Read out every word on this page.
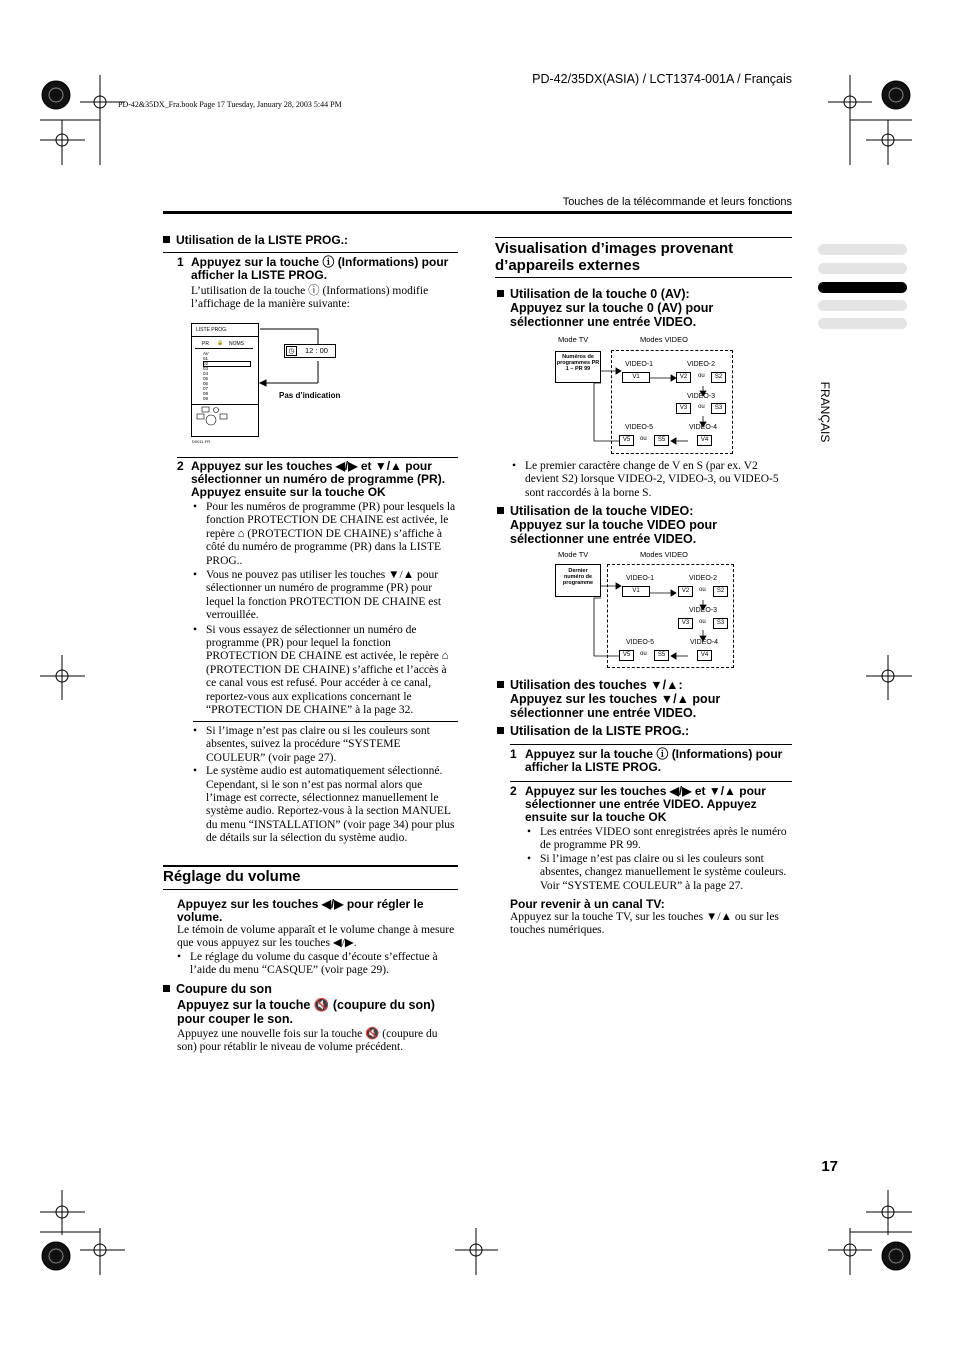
PD-42/35DX(ASIA) / LCT1374-001A / Français
PD-42&35DX_Fra.book Page 17 Tuesday, January 28, 2003 5:44 PM
Touches de la télécommande et leurs fonctions
FRANÇAIS
Utilisation de la LISTE PROG.:
1 Appuyez sur la touche ⓘ (Informations) pour afficher la LISTE PROG.
L’utilisation de la touche ⓘ (Informations) modifie l’affichage de la manière suivante:
LISTE PROG.
PR 🔒 NOMS
AV
01
02
03
04
05
06
07
08
09
D0011-FR
◷	12 : 00
Pas d’indication
2 Appuyez sur les touches ◀/▶ et ▼/▲ pour sélectionner un numéro de programme (PR). Appuyez ensuite sur la touche OK
• Pour les numéros de programme (PR) pour lesquels la fonction PROTECTION DE CHAINE est activée, le repère ⌂ (PROTECTION DE CHAINE) s’affiche à côté du numéro de programme (PR) dans la LISTE PROG..
• Vous ne pouvez pas utiliser les touches ▼/▲ pour sélectionner un numéro de programme (PR) pour lequel la fonction PROTECTION DE CHAINE est verrouillée.
• Si vous essayez de sélectionner un numéro de programme (PR) pour lequel la fonction PROTECTION DE CHAINE est activée, le repère ⌂ (PROTECTION DE CHAINE) s’affiche et l’accès à ce canal vous est refusé. Pour accéder à ce canal, reportez-vous aux explications concernant le “PROTECTION DE CHAINE” à la page 32.
• Si l’image n’est pas claire ou si les couleurs sont absentes, suivez la procédure “SYSTEME COULEUR” (voir page 27).
• Le système audio est automatiquement sélectionné. Cependant, si le son n’est pas normal alors que l’image est correcte, sélectionnez manuellement le système audio. Reportez-vous à la section MANUEL du menu “INSTALLATION” (voir page 34) pour plus de détails sur la sélection du système audio.
Réglage du volume
Appuyez sur les touches ◀/▶ pour régler le volume.
Le témoin de volume apparaît et le volume change à mesure que vous appuyez sur les touches ◀/▶.
• Le réglage du volume du casque d’écoute s’effectue à l’aide du menu “CASQUE” (voir page 29).
Coupure du son
Appuyez sur la touche 🔇 (coupure du son) pour couper le son.
Appuyez une nouvelle fois sur la touche 🔇 (coupure du son) pour rétablir le niveau de volume précédent.
Visualisation d’images provenant d’appareils externes
Utilisation de la touche 0 (AV):
Appuyez sur la touche 0 (AV) pour sélectionner une entrée VIDEO.
Mode TV	Modes VIDEO
Numéros de programmes PR 1 – PR 99
VIDEO-1	VIDEO-2
VIDEO-3
VIDEO-5	VIDEO-4
V1	V2	ou	S2
V3	ou	S3
V5	ou	S5	V4
• Le premier caractère change de V en S (par ex. V2 devient S2) lorsque VIDEO-2, VIDEO-3, ou VIDEO-5 sont raccordés à la borne S.
Utilisation de la touche VIDEO:
Appuyez sur la touche VIDEO pour sélectionner une entrée VIDEO.
Mode TV	Modes VIDEO
Dernier numéro de programme
VIDEO-1	VIDEO-2
VIDEO-3
VIDEO-5	VIDEO-4
V1	V2	ou	S2
V3	ou	S3
V5	ou	S5	V4
Utilisation des touches ▼/▲:
Appuyez sur les touches ▼/▲ pour sélectionner une entrée VIDEO.
Utilisation de la LISTE PROG.:
1 Appuyez sur la touche ⓘ (Informations) pour afficher la LISTE PROG.
2 Appuyez sur les touches ◀/▶ et ▼/▲ pour sélectionner une entrée VIDEO. Appuyez ensuite sur la touche OK
• Les entrées VIDEO sont enregistrées après le numéro de programme PR 99.
• Si l’image n’est pas claire ou si les couleurs sont absentes, changez manuellement le système couleurs. Voir “SYSTEME COULEUR” à la page 27.
Pour revenir à un canal TV:
Appuyez sur la touche TV, sur les touches ▼/▲ ou sur les touches numériques.
17
